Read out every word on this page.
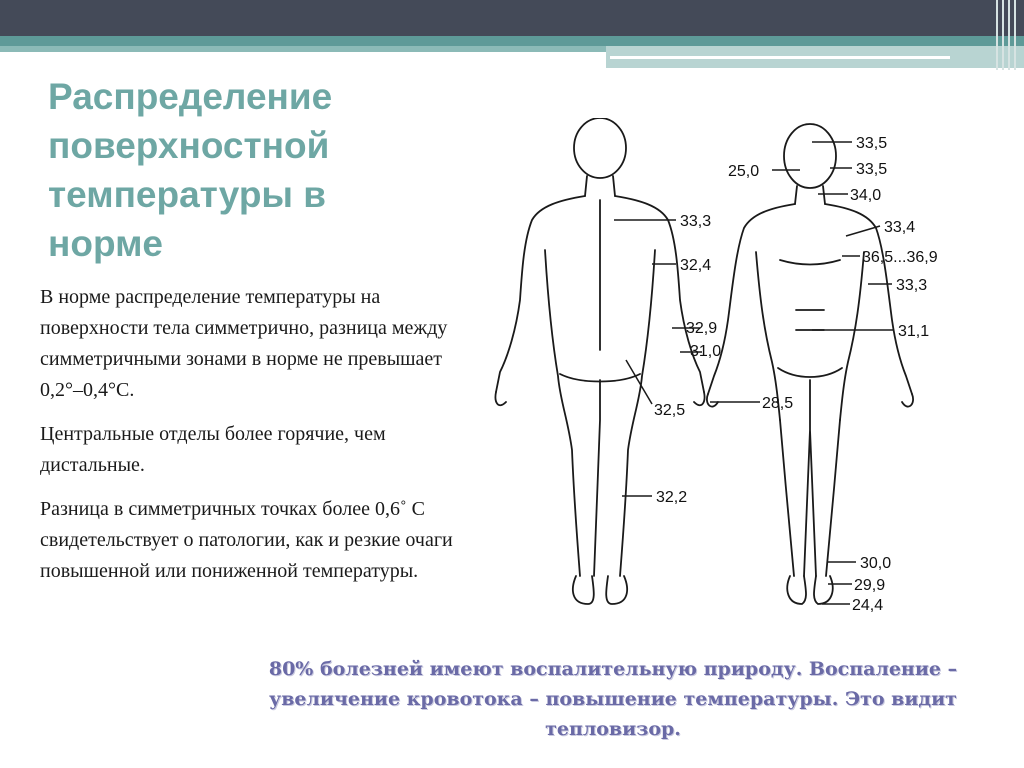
Распределение поверхностной температуры в норме

В норме распределение температуры на поверхности тела симметрично, разница между симметричными зонами в норме не превышает 0,2°–0,4°С.

Центральные отделы более горячие, чем дистальные.

Разница в симметричных точках более 0,6˚ С свидетельствует о патологии, как и резкие очаги повышенной или пониженной температуры.

33,3
32,4
32,9
31,0
32,5	28,5
32,2
33,5
25,0	33,5
34,0
33,4
36,5...36,9
33,3
31,1
30,0
29,9
24,4
80% болезней имеют воспалительную природу. Воспаление – увеличение кровотока – повышение температуры. Это видит тепловизор.
